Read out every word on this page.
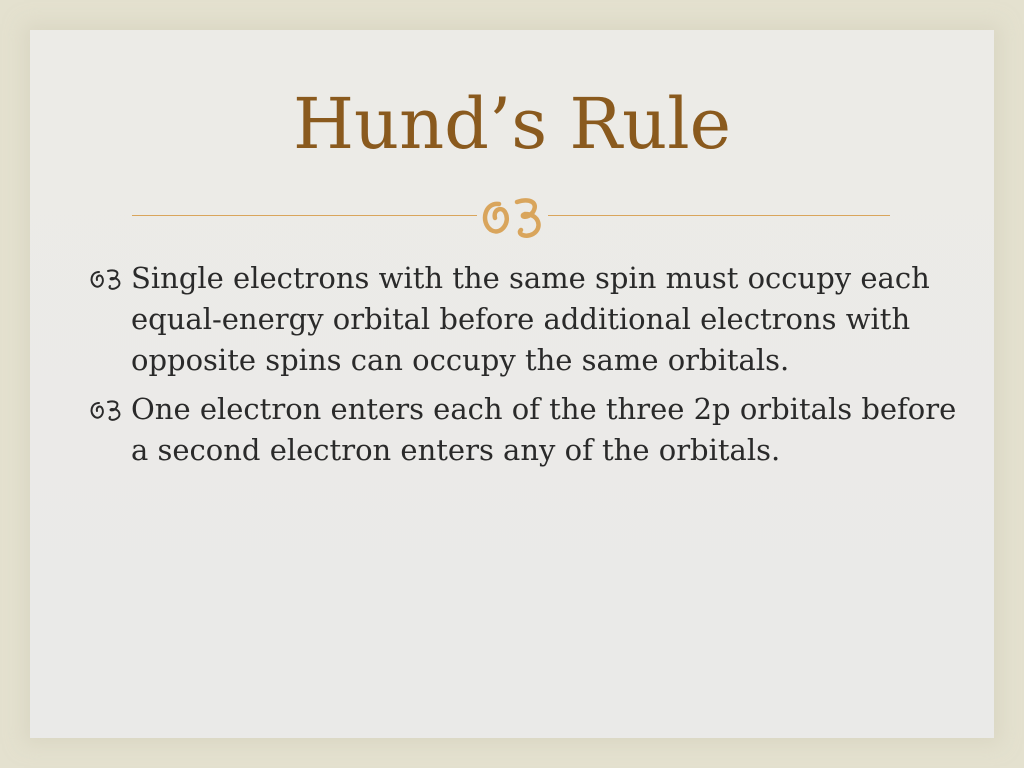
Hund’s Rule
Single electrons with the same spin must occupy each equal-energy orbital before additional electrons with opposite spins can occupy the same orbitals.
One electron enters each of the three 2p orbitals before a second electron enters any of the orbitals.
